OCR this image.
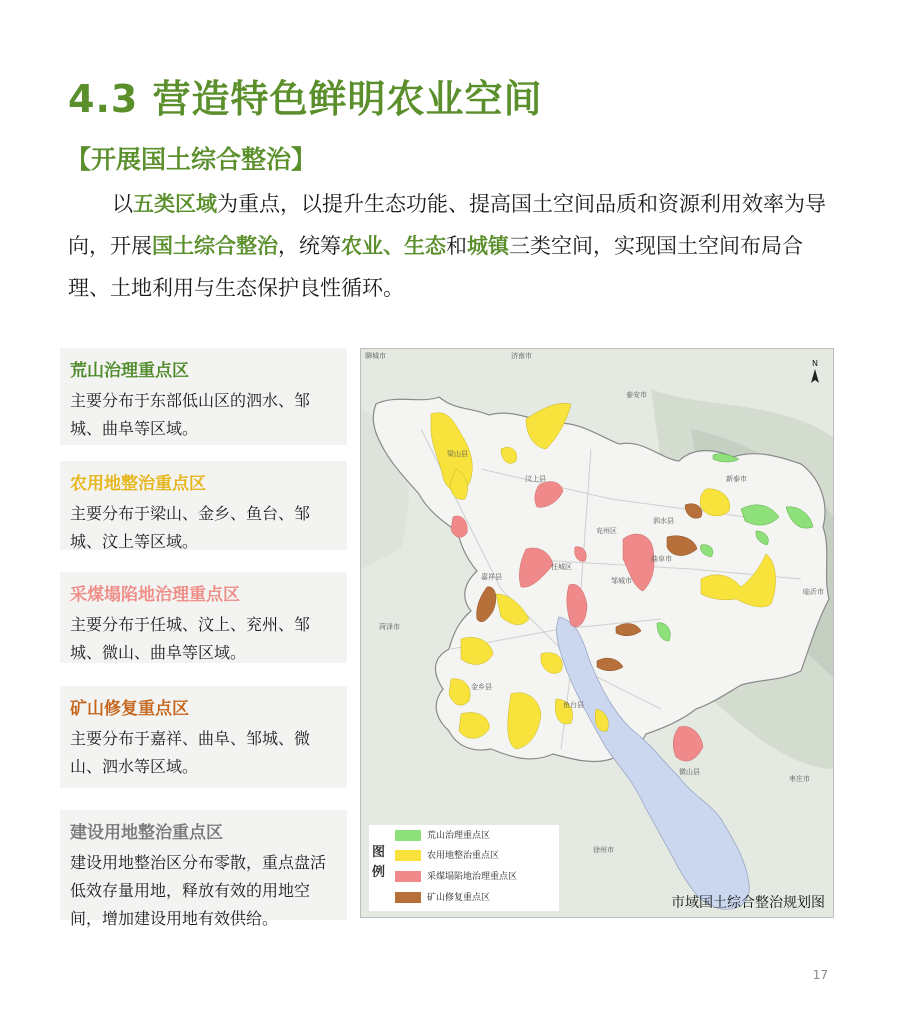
4.3 营造特色鲜明农业空间
【开展国土综合整治】

以五类区域为重点，以提升生态功能、提高国土空间品质和资源利用效率为导向，开展国土综合整治，统筹农业、生态和城镇三类空间，实现国土空间布局合理、土地利用与生态保护良性循环。

荒山治理重点区

主要分布于东部低山区的泗水、邹城、曲阜等区域。

农用地整治重点区

主要分布于梁山、金乡、鱼台、邹城、汶上等区域。

采煤塌陷地治理重点区

主要分布于任城、汶上、兖州、邹城、微山、曲阜等区域。

矿山修复重点区

主要分布于嘉祥、曲阜、邹城、微山、泗水等区域。

建设用地整治重点区

建设用地整治区分布零散，重点盘活低效存量用地，释放有效的用地空间，增加建设用地有效供给。

聊城市	济南市
泰安市
梁山县
汶上县	新泰市
泗水县
兖州区
曲阜市
嘉祥县
任城区
邹城市
临沂市
菏泽市
金乡县
鱼台县
微山县
枣庄市
徐州市
N
图例
荒山治理重点区
农用地整治重点区
采煤塌陷地治理重点区
矿山修复重点区	市域国土综合整治规划图
17
